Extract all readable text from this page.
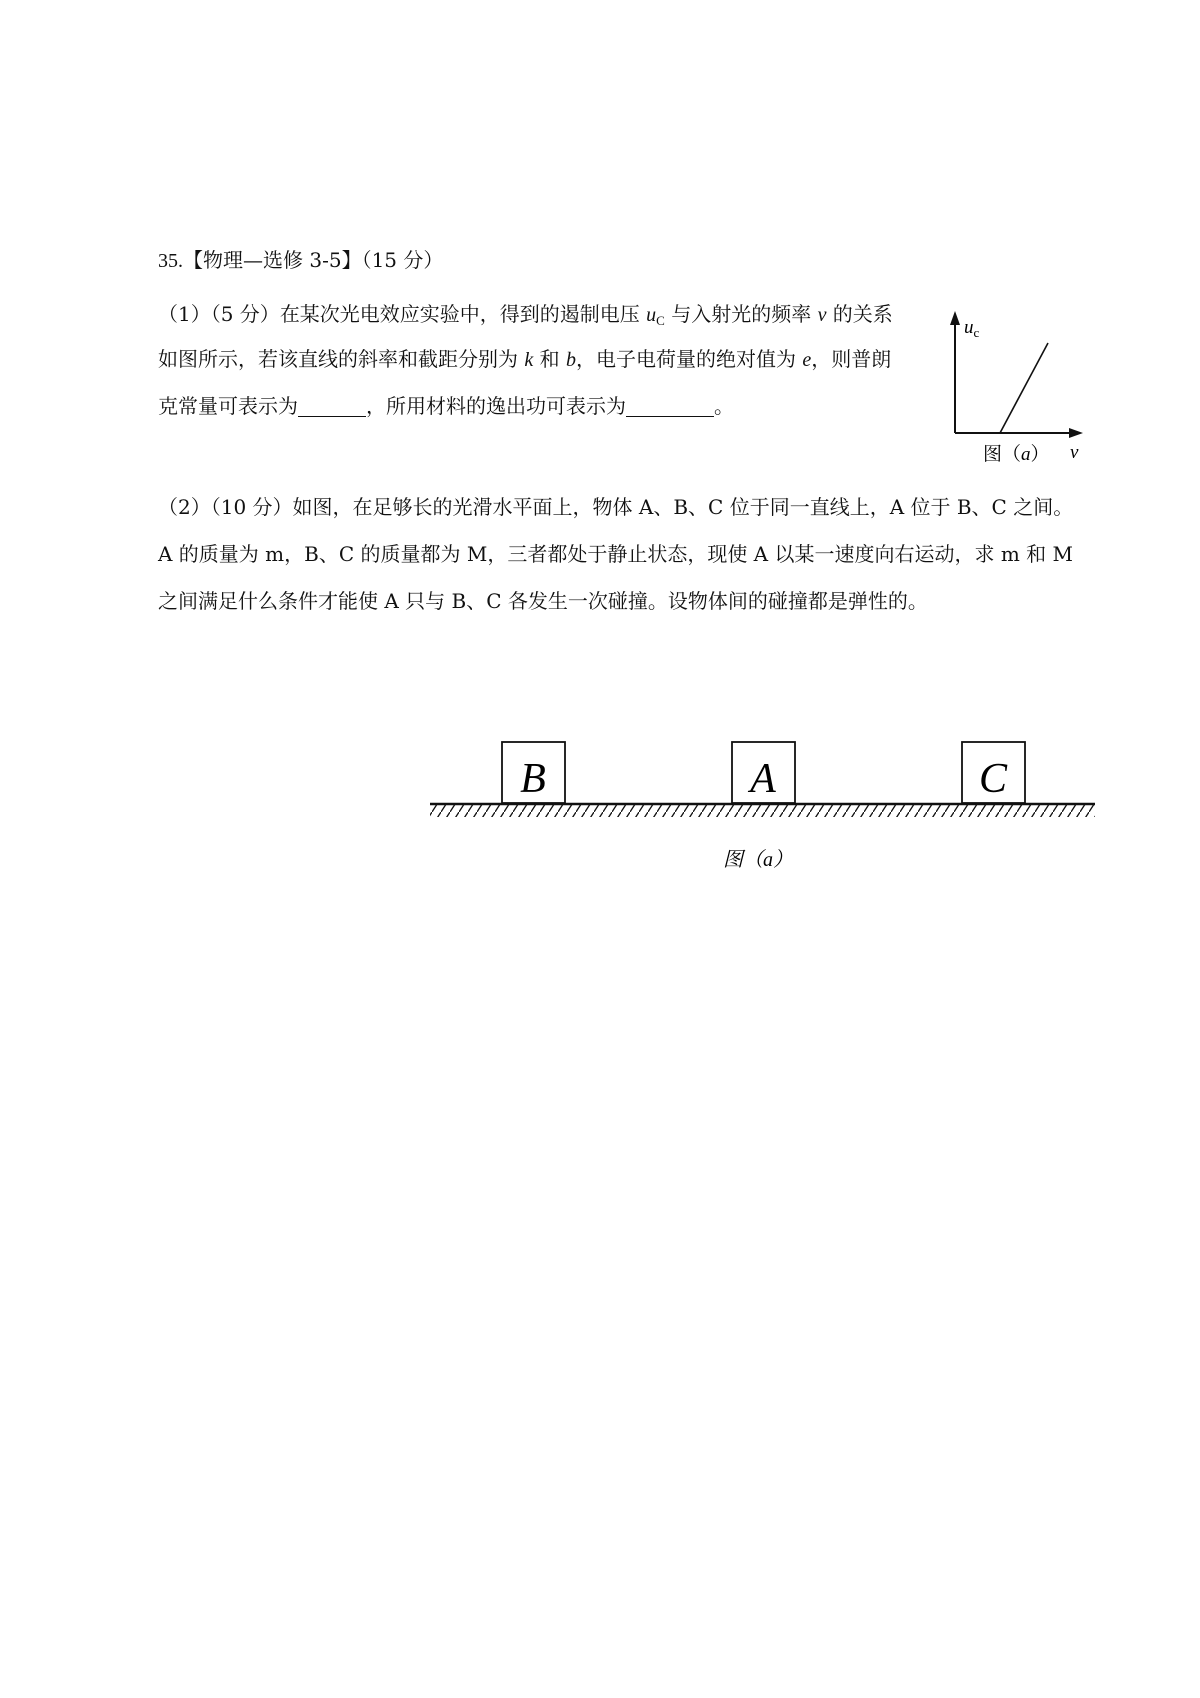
35.【物理—选修 3-5】（15 分）

（1）（5 分）在某次光电效应实验中，得到的遏制电压 $u_C$ 与入射光的频率 ν 的关系

如图所示，若该直线的斜率和截距分别为 k 和 b，电子电荷量的绝对值为 e，则普朗

克常量可表示为	，所用材料的逸出功可表示为	。

$u_c$
ν
图（a）

（2）（10 分）如图，在足够长的光滑水平面上，物体 A、B、C 位于同一直线上，A 位于 B、C 之间。

A 的质量为 m，B、C 的质量都为 M，三者都处于静止状态，现使 A 以某一速度向右运动，求 m 和 M

之间满足什么条件才能使 A 只与 B、C 各发生一次碰撞。设物体间的碰撞都是弹性的。

B	A	C
图（a）
